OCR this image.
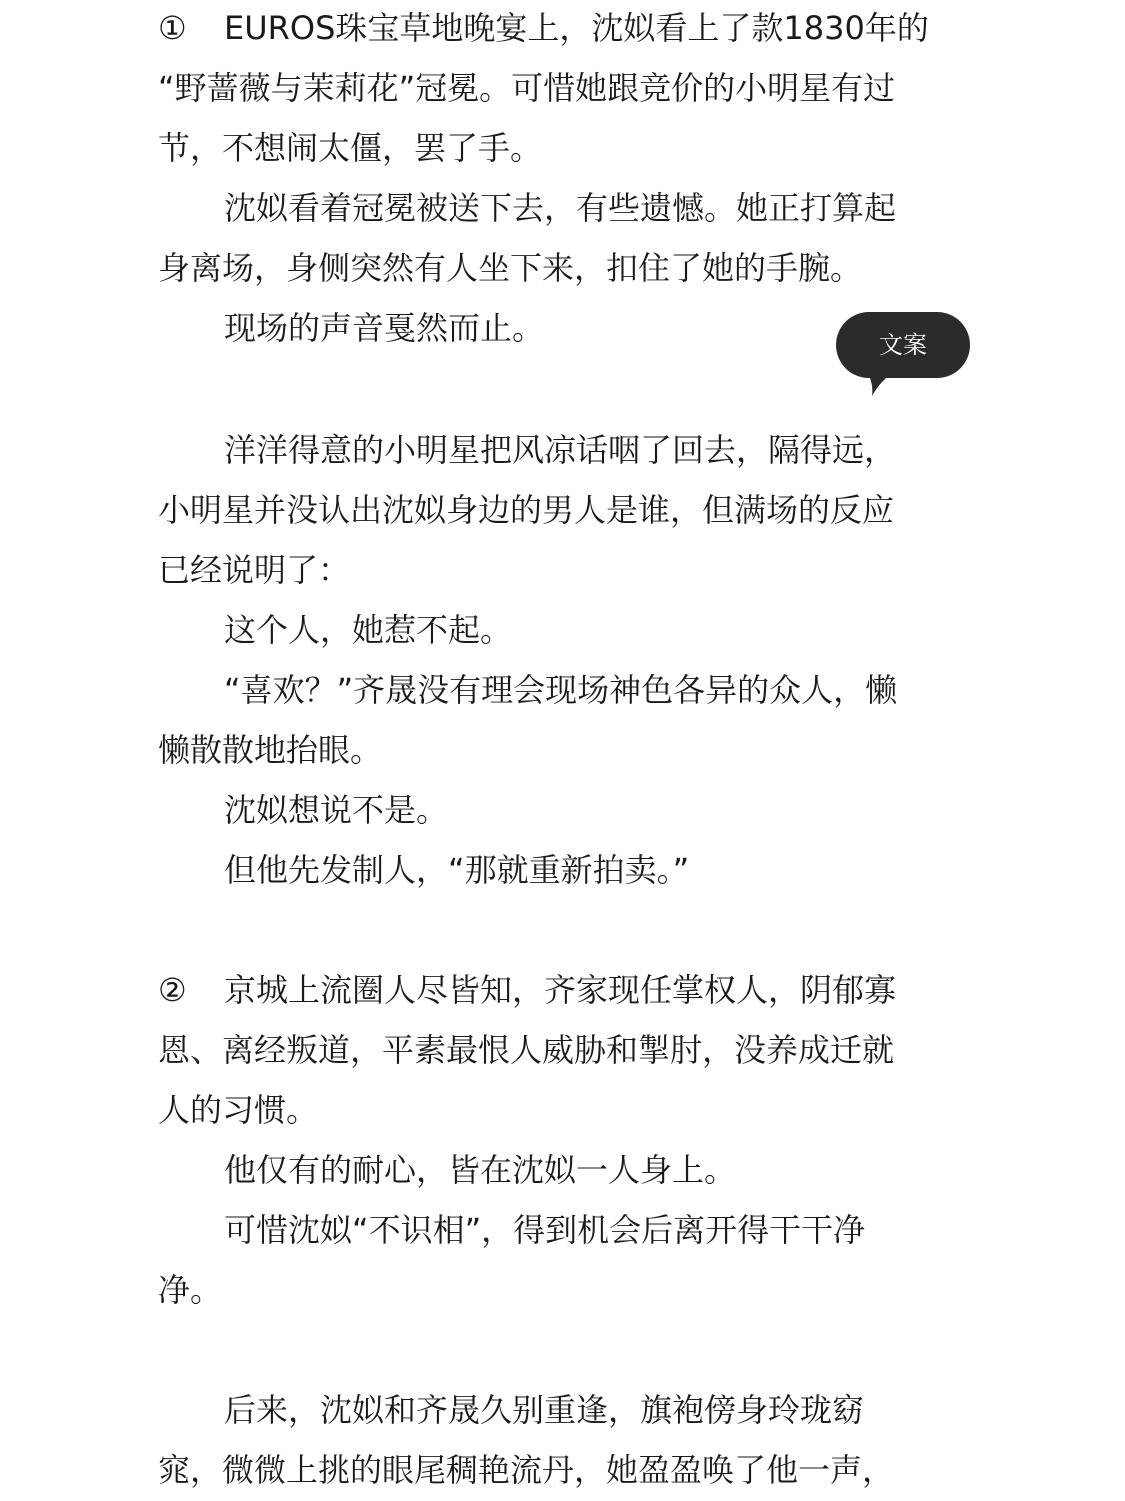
① EUROS珠宝草地晚宴上，沈姒看上了款1830年的
“野蔷薇与茉莉花”冠冕。可惜她跟竞价的小明星有过
节，不想闹太僵，罢了手。
沈姒看着冠冕被送下去，有些遗憾。她正打算起
身离场，身侧突然有人坐下来，扣住了她的手腕。
现场的声音戛然而止。
洋洋得意的小明星把风凉话咽了回去，隔得远，
小明星并没认出沈姒身边的男人是谁，但满场的反应
已经说明了：
这个人，她惹不起。
“喜欢？”齐晟没有理会现场神色各异的众人，懒
懒散散地抬眼。
沈姒想说不是。
但他先发制人，“那就重新拍卖。”
② 京城上流圈人尽皆知，齐家现任掌权人，阴郁寡
恩、离经叛道，平素最恨人威胁和掣肘，没养成迁就
人的习惯。
他仅有的耐心，皆在沈姒一人身上。
可惜沈姒“不识相”，得到机会后离开得干干净
净。
后来，沈姒和齐晟久别重逢，旗袍傍身玲珑窈
窕，微微上挑的眼尾稠艳流丹，她盈盈唤了他一声，
文案
